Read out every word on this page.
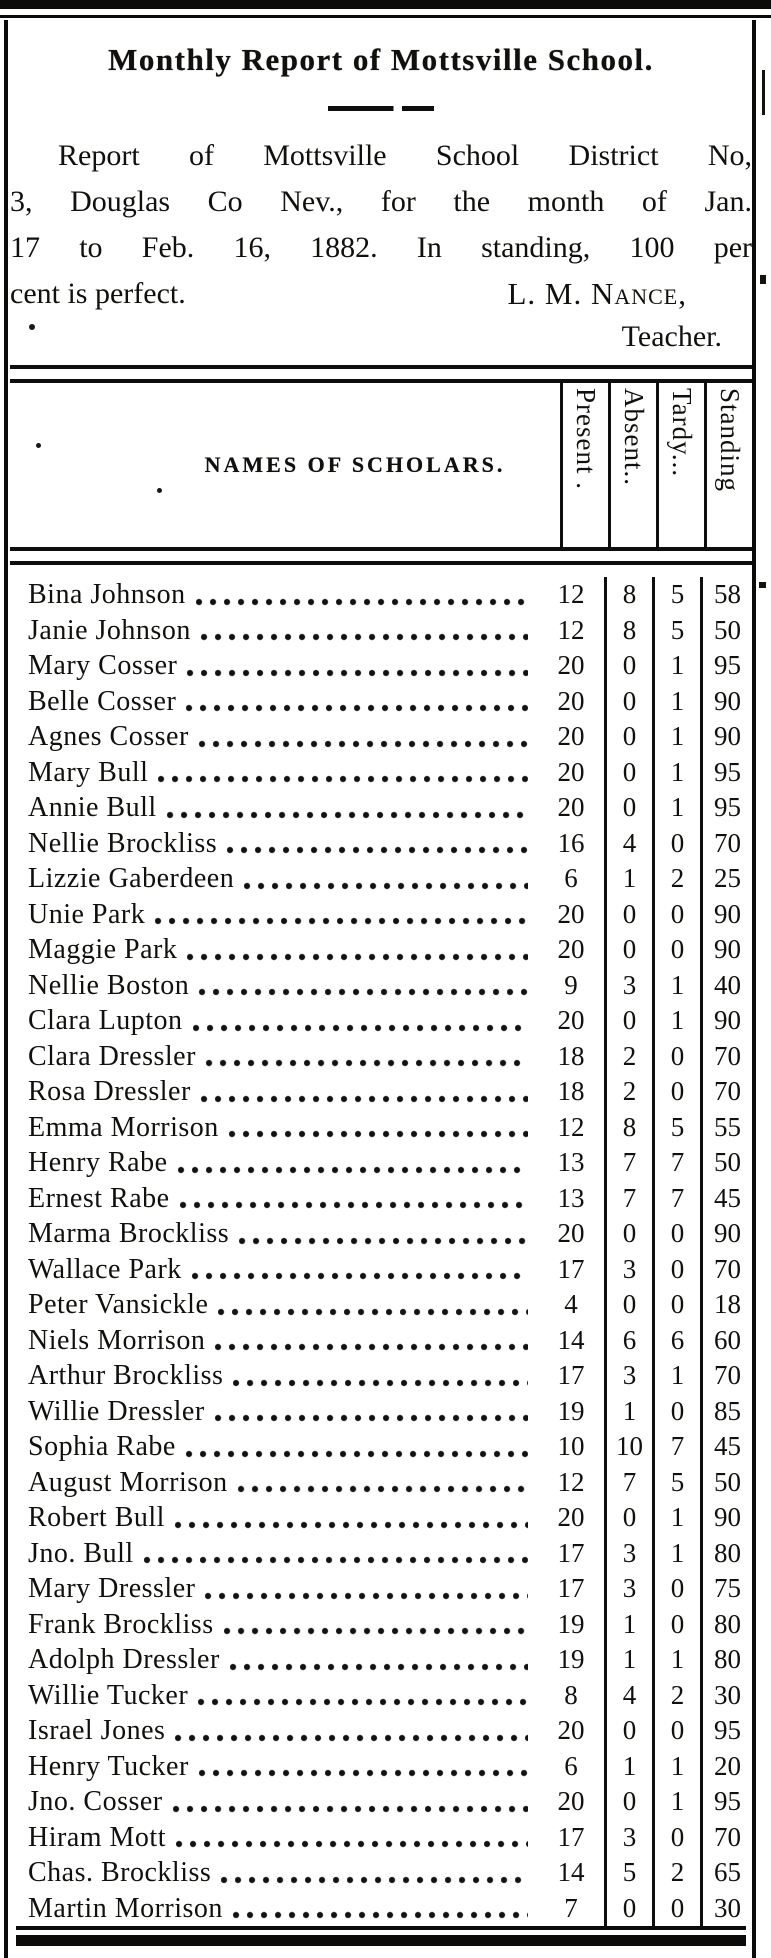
Monthly Report of Mottsville School.
Report of Mottsville School District No,
3, Douglas Co Nev., for the month of Jan.
17 to Feb. 16, 1882. In standing, 100 per
cent is perfect.	L. M. Nance,
Teacher.
NAMES OF SCHOLARS.	Present . Absent.. Tardy... Standing
Bina Johnson	12	8	5	58
Janie Johnson	12	8	5	50
Mary Cosser	20	0	1	95
Belle Cosser	20	0	1	90
Agnes Cosser	20	0	1	90
Mary Bull	20	0	1	95
Annie Bull	20	0	1	95
Nellie Brockliss	16	4	0	70
Lizzie Gaberdeen	6	1	2	25
Unie Park	20	0	0	90
Maggie Park	20	0	0	90
Nellie Boston	9	3	1	40
Clara Lupton	20	0	1	90
Clara Dressler	18	2	0	70
Rosa Dressler	18	2	0	70
Emma Morrison	12	8	5	55
Henry Rabe	13	7	7	50
Ernest Rabe	13	7	7	45
Marma Brockliss	20	0	0	90
Wallace Park	17	3	0	70
Peter Vansickle	4	0	0	18
Niels Morrison	14	6	6	60
Arthur Brockliss	17	3	1	70
Willie Dressler	19	1	0	85
Sophia Rabe	10	10	7	45
August Morrison	12	7	5	50
Robert Bull	20	0	1	90
Jno. Bull	17	3	1	80
Mary Dressler	17	3	0	75
Frank Brockliss	19	1	0	80
Adolph Dressler	19	1	1	80
Willie Tucker	8	4	2	30
Israel Jones	20	0	0	95
Henry Tucker	6	1	1	20
Jno. Cosser	20	0	1	95
Hiram Mott	17	3	0	70
Chas. Brockliss	14	5	2	65
Martin Morrison	7	0	0	30
